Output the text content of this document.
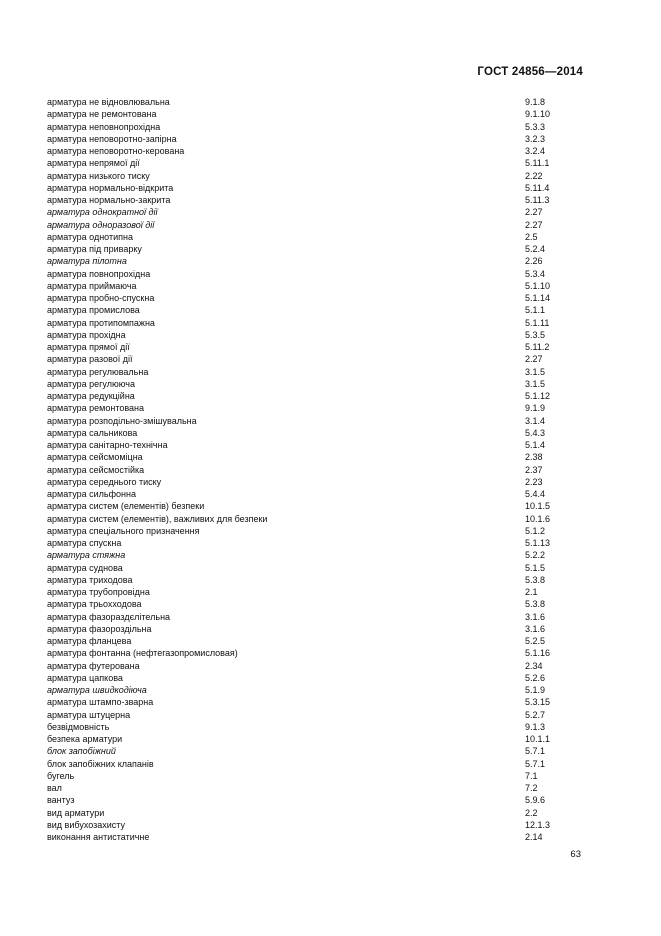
ГОСТ 24856—2014
арматура не відновлювальна	9.1.8
арматура не ремонтована	9.1.10
арматура неповнопрохідна	5.3.3
арматура неповоротно-запірна	3.2.3
арматура неповоротно-керована	3.2.4
арматура непрямої дії	5.11.1
арматура низького тиску	2.22
арматура нормально-відкрита	5.11.4
арматура нормально-закрита	5.11.3
арматура однократної дії	2.27
арматура одноразової дії	2.27
арматура однотипна	2.5
арматура під приварку	5.2.4
арматура пілотна	2.26
арматура повнопрохідна	5.3.4
арматура приймаюча	5.1.10
арматура пробно-спускна	5.1.14
арматура промислова	5.1.1
арматура протипомпажна	5.1.11
арматура прохідна	5.3.5
арматура прямої дії	5.11.2
арматура разової дії	2.27
арматура регулювальна	3.1.5
арматура регулююча	3.1.5
арматура редукційна	5.1.12
арматура ремонтована	9.1.9
арматура розподільно-змішувальна	3.1.4
арматура сальникова	5.4.3
арматура санітарно-технічна	5.1.4
арматура сейсмоміцна	2.38
арматура сейсмостійка	2.37
арматура середнього тиску	2.23
арматура сильфонна	5.4.4
арматура систем (елементів) безпеки	10.1.5
арматура систем (елементів), важливих для безпеки	10.1.6
арматура спеціального призначення	5.1.2
арматура спускна	5.1.13
арматура стяжна	5.2.2
арматура суднова	5.1.5
арматура триходова	5.3.8
арматура трубопровідна	2.1
арматура трьохходова	5.3.8
арматура фазораздєлітельна	3.1.6
арматура фазороздільна	3.1.6
арматура фланцева	5.2.5
арматура фонтанна (нефтегазопромисловая)	5.1.16
арматура футерована	2.34
арматура цапкова	5.2.6
арматура швидкодіюча	5.1.9
арматура штампо-зварна	5.3.15
арматура штуцерна	5.2.7
безвідмовність	9.1.3
безпека арматури	10.1.1
блок запобіжний	5.7.1
блок запобіжних клапанів	5.7.1
бугель	7.1
вал	7.2
вантуз	5.9.6
вид арматури	2.2
вид вибухозахисту	12.1.3
виконання антистатичне	2.14
63
